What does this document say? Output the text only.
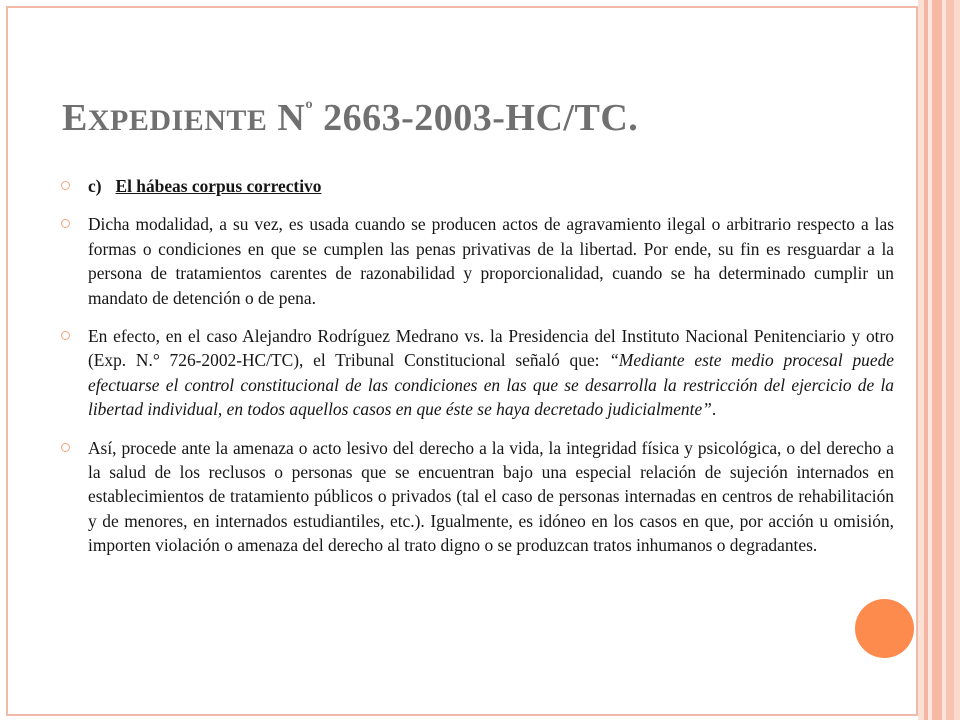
EXPEDIENTE $N^º$ 2663-2003-HC/TC.
c) El hábeas corpus correctivo
Dicha modalidad, a su vez, es usada cuando se producen actos de agravamiento ilegal o arbitrario respecto a las formas o condiciones en que se cumplen las penas privativas de la libertad. Por ende, su fin es resguardar a la persona de tratamientos carentes de razonabilidad y proporcionalidad, cuando se ha determinado cumplir un mandato de detención o de pena.
En efecto, en el caso Alejandro Rodríguez Medrano vs. la Presidencia del Instituto Nacional Penitenciario y otro (Exp. N.° 726-2002-HC/TC), el Tribunal Constitucional señaló que: “Mediante este medio procesal puede efectuarse el control constitucional de las condiciones en las que se desarrolla la restricción del ejercicio de la libertad individual, en todos aquellos casos en que éste se haya decretado judicialmente”.
Así, procede ante la amenaza o acto lesivo del derecho a la vida, la integridad física y psicológica, o del derecho a la salud de los reclusos o personas que se encuentran bajo una especial relación de sujeción internados en establecimientos de tratamiento públicos o privados (tal el caso de personas internadas en centros de rehabilitación y de menores, en internados estudiantiles, etc.). Igualmente, es idóneo en los casos en que, por acción u omisión, importen violación o amenaza del derecho al trato digno o se produzcan tratos inhumanos o degradantes.
